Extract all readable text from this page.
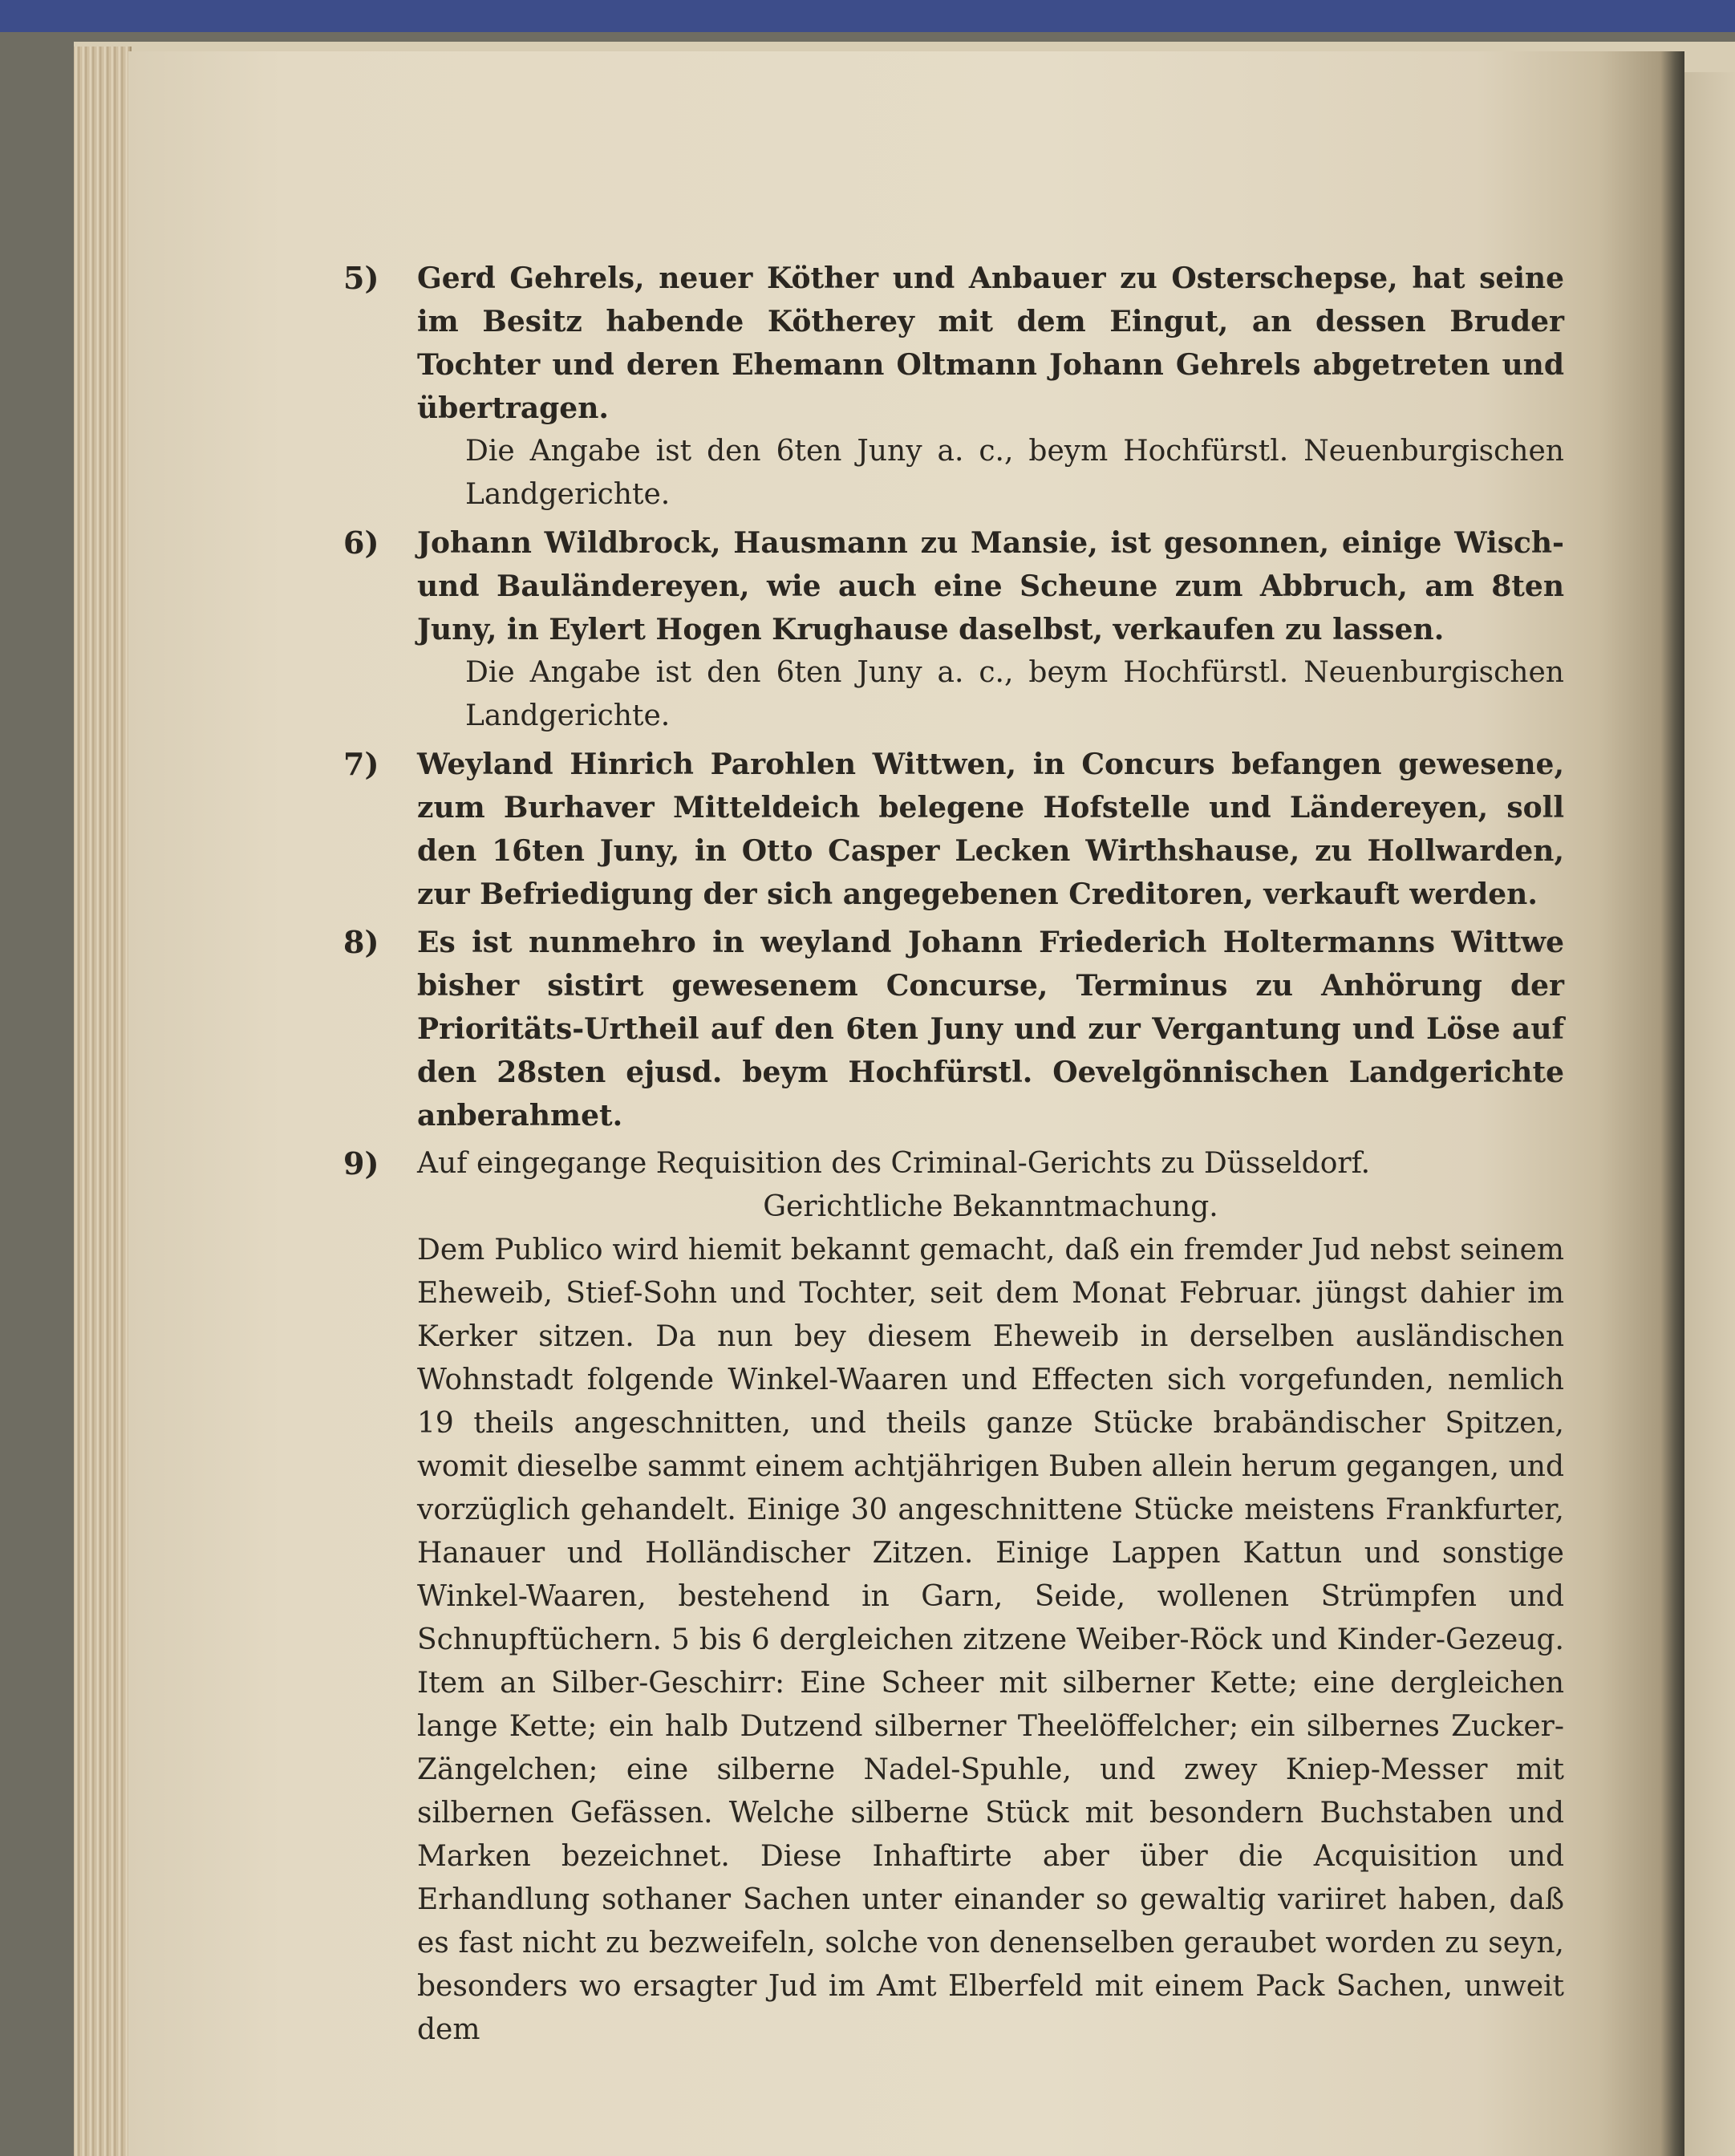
5)	Gerd Gehrels, neuer Köther und Anbauer zu Osterschepse, hat seine im Besitz habende Kötherey mit dem Eingut, an dessen Bruder Tochter und deren Ehemann Oltmann Johann Gehrels abgetreten und übertragen.

Die Angabe ist den 6ten Juny a. c., beym Hochfürstl. Neuenburgischen Landgerichte.

6)	Johann Wildbrock, Hausmann zu Mansie, ist gesonnen, einige Wisch- und Bauländereyen, wie auch eine Scheune zum Abbruch, am 8ten Juny, in Eylert Hogen Krughause daselbst, verkaufen zu lassen.

Die Angabe ist den 6ten Juny a. c., beym Hochfürstl. Neuenburgischen Landgerichte.

7)	Weyland Hinrich Parohlen Wittwen, in Concurs befangen gewesene, zum Burhaver Mitteldeich belegene Hofstelle und Ländereyen, soll den 16ten Juny, in Otto Casper Lecken Wirthshause, zu Hollwarden, zur Befriedigung der sich angegebenen Creditoren, verkauft werden.

8)	Es ist nunmehro in weyland Johann Friederich Holtermanns Wittwe bisher sistirt gewesenem Concurse, Terminus zu Anhörung der Prioritäts-Urtheil auf den 6ten Juny und zur Vergantung und Löse auf den 28sten ejusd. beym Hochfürstl. Oevelgönnischen Landgerichte anberahmet.

9)	Auf eingegange Requisition des Criminal-Gerichts zu Düsseldorf.

Gerichtliche Bekanntmachung.

Dem Publico wird hiemit bekannt gemacht, daß ein fremder Jud nebst seinem Eheweib, Stief-Sohn und Tochter, seit dem Monat Februar. jüngst dahier im Kerker sitzen. Da nun bey diesem Eheweib in derselben ausländischen Wohnstadt folgende Winkel-Waaren und Effecten sich vorgefunden, nemlich 19 theils angeschnitten, und theils ganze Stücke brabändischer Spitzen, womit dieselbe sammt einem achtjährigen Buben allein herum gegangen, und vorzüglich gehandelt. Einige 30 angeschnittene Stücke meistens Frankfurter, Hanauer und Holländischer Zitzen. Einige Lappen Kattun und sonstige Winkel-Waaren, bestehend in Garn, Seide, wollenen Strümpfen und Schnupftüchern. 5 bis 6 dergleichen zitzene Weiber-Röck und Kinder-Gezeug. Item an Silber-Geschirr: Eine Scheer mit silberner Kette; eine dergleichen lange Kette; ein halb Dutzend silberner Theelöffelcher; ein silbernes Zucker-Zängelchen; eine silberne Nadel-Spuhle, und zwey Kniep-Messer mit silbernen Gefässen. Welche silberne Stück mit besondern Buchstaben und Marken bezeichnet. Diese Inhaftirte aber über die Acquisition und Erhandlung sothaner Sachen unter einander so gewaltig variiret haben, daß es fast nicht zu bezweifeln, solche von denenselben geraubet worden zu seyn, besonders wo ersagter Jud im Amt Elberfeld mit einem Pack Sachen, unweit dem
